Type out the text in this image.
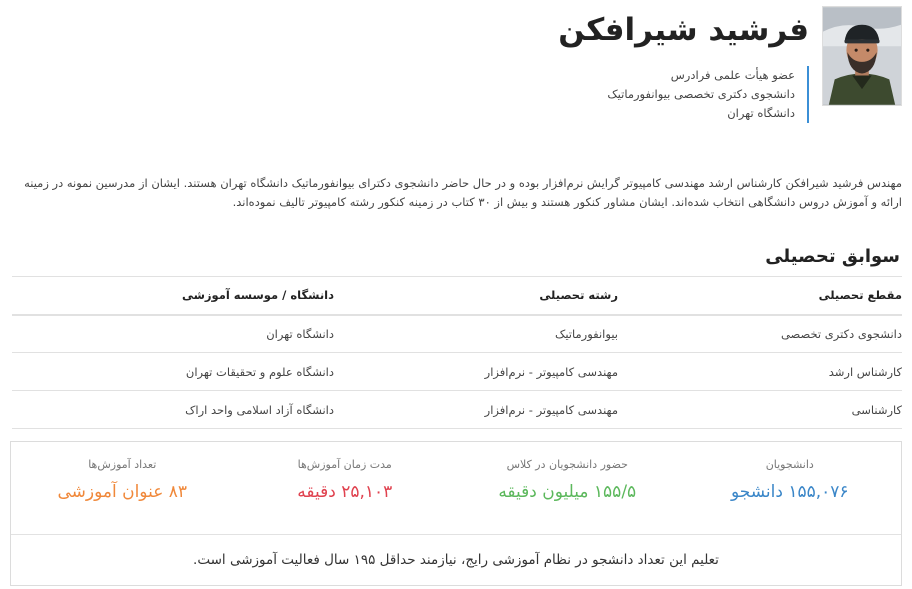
فرشید شیرافکن
عضو هیأت علمی فرادرس
دانشجوی دکتری تخصصی بیوانفورماتیک
دانشگاه تهران

مهندس فرشید شیرافکن کارشناس ارشد مهندسی کامپیوتر گرایش نرم‌افزار بوده و در حال حاضر دانشجوی دکترای بیوانفورماتیک دانشگاه تهران هستند. ایشان از مدرسین نمونه در زمینه ارائه و آموزش دروس دانشگاهی انتخاب شده‌اند. ایشان مشاور کنکور هستند و بیش از ۳۰ کتاب در زمینه کنکور رشته کامپیوتر تالیف نموده‌اند.

سوابق تحصیلی
مقطع تحصیلی	رشته تحصیلی	دانشگاه / موسسه آموزشی
دانشجوی دکتری تخصصی	بیوانفورماتیک	دانشگاه تهران
کارشناس ارشد	مهندسی کامپیوتر - نرم‌افزار	دانشگاه علوم و تحقیقات تهران
کارشناسی	مهندسی کامپیوتر - نرم‌افزار	دانشگاه آزاد اسلامی واحد اراک
دانشجویان
۱۵۵,۰۷۶ دانشجو
حضور دانشجویان در کلاس
۱۵۵/۵ میلیون دقیقه
مدت زمان آموزش‌ها
۲۵,۱۰۳ دقیقه
تعداد آموزش‌ها
۸۳ عنوان آموزشی
تعلیم این تعداد دانشجو در نظام آموزشی رایج، نیازمند حداقل ۱۹۵ سال فعالیت آموزشی است.
